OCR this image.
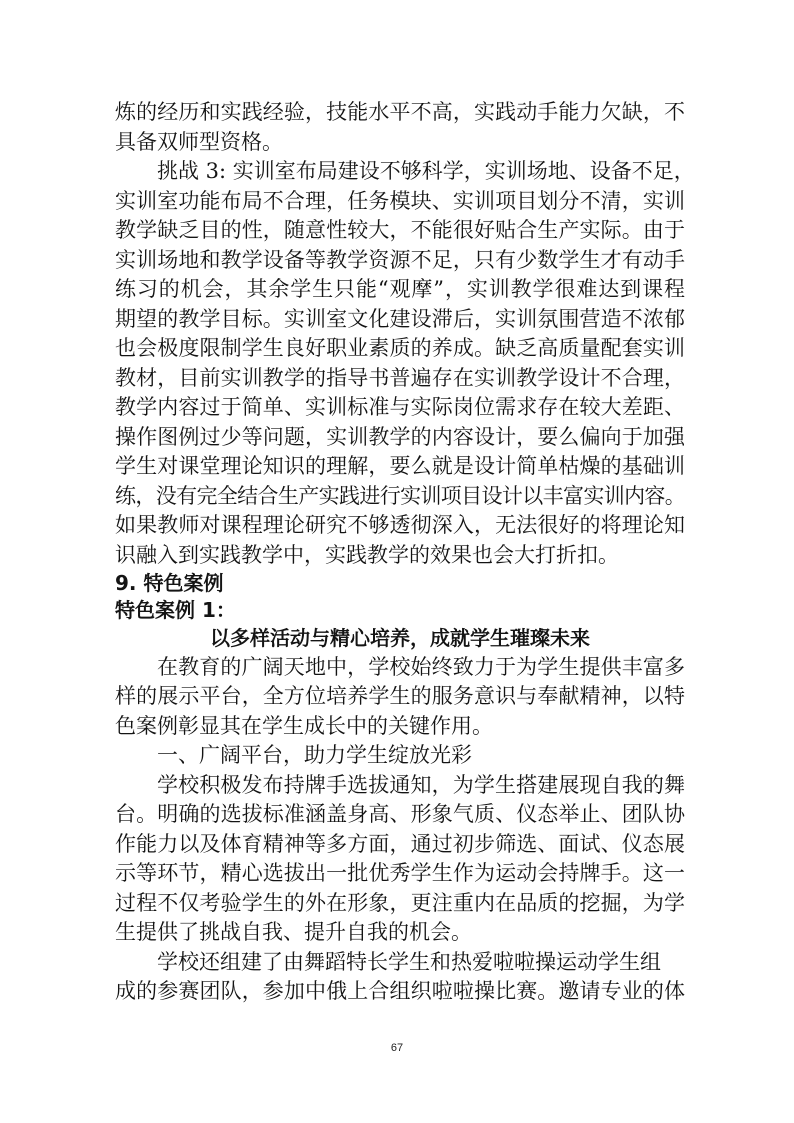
炼的经历和实践经验，技能水平不高，实践动手能力欠缺，不
具备双师型资格。
挑战 3: 实训室布局建设不够科学，实训场地、设备不足，
实训室功能布局不合理，任务模块、实训项目划分不清，实训
教学缺乏目的性，随意性较大，不能很好贴合生产实际。由于
实训场地和教学设备等教学资源不足，只有少数学生才有动手
练习的机会，其余学生只能“观摩”，实训教学很难达到课程
期望的教学目标。实训室文化建设滞后，实训氛围营造不浓郁
也会极度限制学生良好职业素质的养成。缺乏高质量配套实训
教材，目前实训教学的指导书普遍存在实训教学设计不合理，
教学内容过于简单、实训标准与实际岗位需求存在较大差距、
操作图例过少等问题，实训教学的内容设计，要么偏向于加强
学生对课堂理论知识的理解，要么就是设计简单枯燥的基础训
练，没有完全结合生产实践进行实训项目设计以丰富实训内容。
如果教师对课程理论研究不够透彻深入，无法很好的将理论知
识融入到实践教学中，实践教学的效果也会大打折扣。
9. 特色案例
特色案例 1：
以多样活动与精心培养，成就学生璀璨未来
在教育的广阔天地中，学校始终致力于为学生提供丰富多
样的展示平台，全方位培养学生的服务意识与奉献精神，以特
色案例彰显其在学生成长中的关键作用。
一、广阔平台，助力学生绽放光彩
学校积极发布持牌手选拔通知，为学生搭建展现自我的舞
台。明确的选拔标准涵盖身高、形象气质、仪态举止、团队协
作能力以及体育精神等多方面，通过初步筛选、面试、仪态展
示等环节，精心选拔出一批优秀学生作为运动会持牌手。这一
过程不仅考验学生的外在形象，更注重内在品质的挖掘，为学
生提供了挑战自我、提升自我的机会。
学校还组建了由舞蹈特长学生和热爱啦啦操运动学生组
成的参赛团队，参加中俄上合组织啦啦操比赛。邀请专业的体
67
